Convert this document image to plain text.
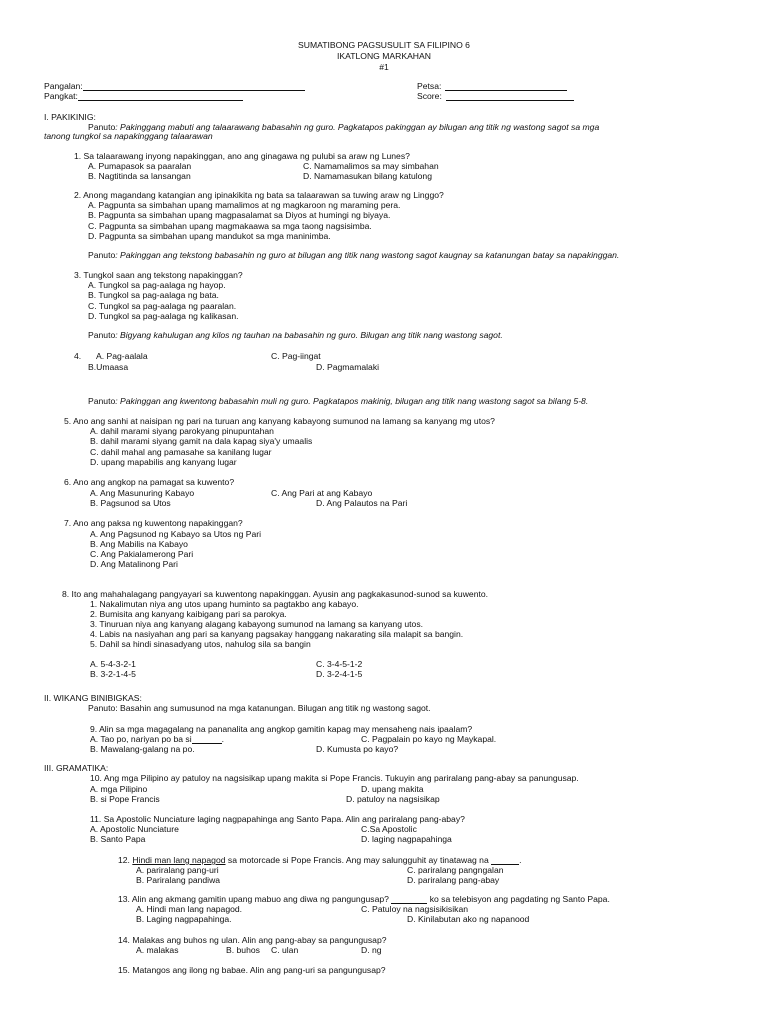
SUMATIBONG PAGSUSULIT SA FILIPINO 6
IKATLONG MARKAHAN
#1
Pangalan:
Pangkat:
Petsa:
Score:
I. PAKIKINIG:
Panuto: Pakinggang mabuti ang talaarawang babasahin ng guro. Pagkatapos pakinggan ay bilugan ang titik ng wastong sagot sa mga
tanong tungkol sa napakinggang talaarawan
1. Sa talaarawang inyong napakinggan, ano ang ginagawa ng pulubi sa araw ng Lunes?
A. Pumapasok sa paaralan
B. Nagtitinda sa lansangan
C. Namamalimos sa may simbahan
D. Namamasukan bilang katulong
2. Anong magandang katangian ang ipinakikita ng bata sa talaarawan sa tuwing araw ng Linggo?
A. Pagpunta sa simbahan upang mamalimos at ng magkaroon ng maraming pera.
B. Pagpunta sa simbahan upang magpasalamat sa Diyos at humingi ng biyaya.
C. Pagpunta sa simbahan upang magmakaawa sa mga taong nagsisimba.
D. Pagpunta sa simbahan upang mandukot sa mga maninimba.
Panuto: Pakinggan ang tekstong babasahin ng guro at bilugan ang titik nang wastong sagot kaugnay sa katanungan batay sa napakinggan.
3. Tungkol saan ang tekstong napakinggan?
A. Tungkol sa pag-aalaga ng hayop.
B. Tungkol sa pag-aalaga ng bata.
C. Tungkol sa pag-aalaga ng paaralan.
D. Tungkol sa pag-aalaga ng kalikasan.
Panuto: Bigyang kahulugan ang kilos ng tauhan na babasahin ng guro. Bilugan ang titik nang wastong sagot.
4. A. Pag-aalala
B.Umaasa
C. Pag-iingat
D. Pagmamalaki
Panuto: Pakinggan ang kwentong babasahin muli ng guro. Pagkatapos makinig, bilugan ang titik nang wastong sagot sa bilang 5-8.
5. Ano ang sanhi at naisipan ng pari na turuan ang kanyang kabayong sumunod na lamang sa kanyang mg utos?
A. dahil marami siyang parokyang pinupuntahan
B. dahil marami siyang gamit na dala kapag siya'y umaalis
C. dahil mahal ang pamasahe sa kanilang lugar
D. upang mapabilis ang kanyang lugar
6. Ano ang angkop na pamagat sa kuwento?
A. Ang Masunuring Kabayo
B. Pagsunod sa Utos
C. Ang Pari at ang Kabayo
D. Ang Palautos na Pari
7. Ano ang paksa ng kuwentong napakinggan?
A. Ang Pagsunod ng Kabayo sa Utos ng Pari
B. Ang Mabilis na Kabayo
C. Ang Pakialamerong Pari
D. Ang Matalinong Pari
8. Ito ang mahahalagang pangyayari sa kuwentong napakinggan. Ayusin ang pagkakasunod-sunod sa kuwento.
1. Nakalimutan niya ang utos upang huminto sa pagtakbo ang kabayo.
2. Bumisita ang kanyang kaibigang pari sa parokya.
3. Tinuruan niya ang kanyang alagang kabayong sumunod na lamang sa kanyang utos.
4. Labis na nasiyahan ang pari sa kanyang pagsakay hanggang nakarating sila malapit sa bangin.
5. Dahil sa hindi sinasadyang utos, nahulog sila sa bangin
A. 5-4-3-2-1
B. 3-2-1-4-5
C. 3-4-5-1-2
D. 3-2-4-1-5
II. WIKANG BINIBIGKAS:
Panuto: Basahin ang sumusunod na mga katanungan. Bilugan ang titik ng wastong sagot.
9. Alin sa mga magagalang na pananalita ang angkop gamitin kapag may mensaheng nais ipaalam?
A. Tao po, nariyan po ba si	.
B. Mawalang-galang na po.
C. Pagpalain po kayo ng Maykapal.
D. Kumusta po kayo?
III. GRAMATIKA:
10. Ang mga Pilipino ay patuloy na nagsisikap upang makita si Pope Francis. Tukuyin ang pariralang pang-abay sa panungusap.
A. mga Pilipino
B. si Pope Francis
D. upang makita
D. patuloy na nagsisikap
11. Sa Apostolic Nunciature laging nagpapahinga ang Santo Papa. Alin ang pariralang pang-abay?
A. Apostolic Nunciature
B. Santo Papa
C.Sa Apostolic
D. laging nagpapahinga
12. Hindi man lang napagod sa motorcade si Pope Francis. Ang may salungguhit ay tinatawag na	.
A. pariralang pang-uri
B. Pariralang pandiwa
C. pariralang pangngalan
D. pariralang pang-abay
13. Alin ang akmang gamitin upang mabuo ang diwa ng pangungusap?	ko sa telebisyon ang pagdating ng Santo Papa.
A. Hindi man lang napagod.
B. Laging nagpapahinga.
C. Patuloy na nagsisikisikan
D. Kinilabutan ako ng napanood
14. Malakas ang buhos ng ulan. Alin ang pang-abay sa pangungusap?
A. malakas	B. buhos C. ulan	D. ng
15. Matangos ang ilong ng babae. Alin ang pang-uri sa pangungusap?
